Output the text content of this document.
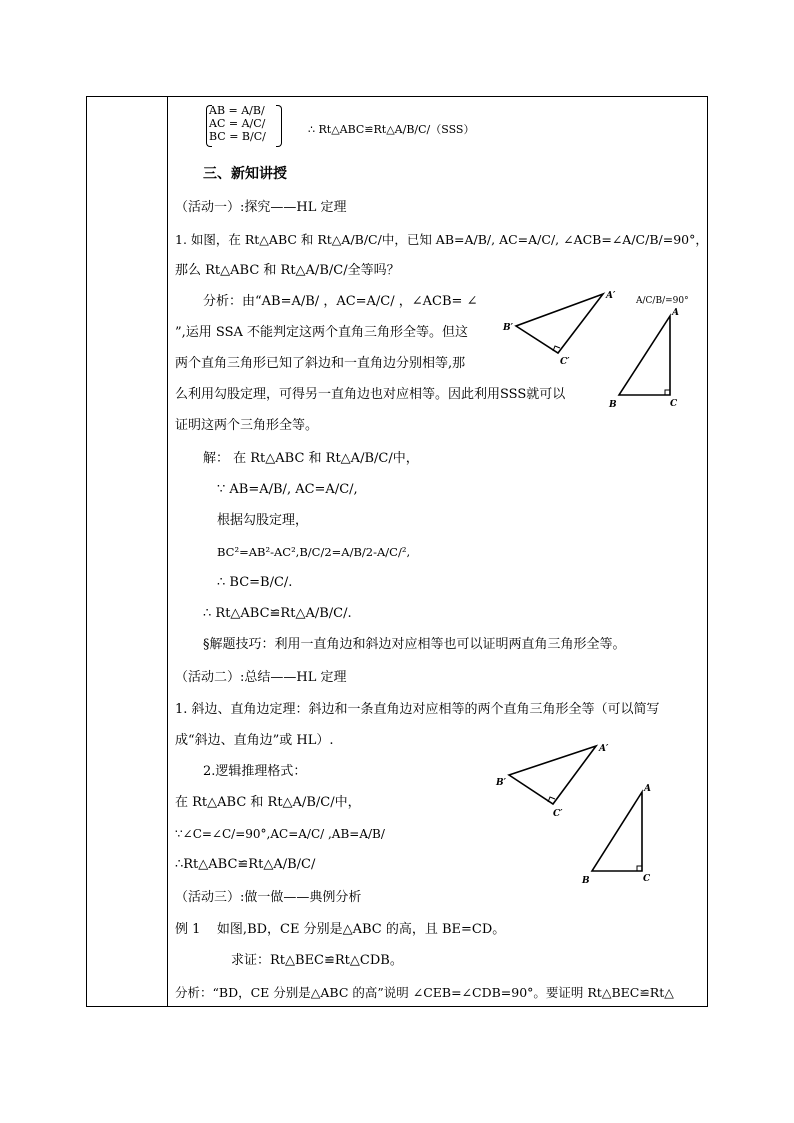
AB = A/B/
AC = A/C/
BC = B/C/
∴ Rt△ABC≌Rt△A/B/C/（SSS）
三、新知讲授
（活动一）:探究——HL 定理
1. 如图，在 Rt△ABC 和 Rt△A/B/C/中，已知 AB=A/B/, AC=A/C/, ∠ACB=∠A/C/B/=90°，
那么 Rt△ABC 和 Rt△A/B/C/全等吗？
分析：由“AB=A/B/ ，AC=A/C/ ，∠ACB= ∠	A/C/B/=90°
”,运用 SSA 不能判定这两个直角三角形全等。但这
两个直角三角形已知了斜边和一直角边分别相等,那
么利用勾股定理，可得另一直角边也对应相等。因此利用SSS就可以
证明这两个三角形全等。
A′
B′
C′
A
B	C
解： 在 Rt△ABC 和 Rt△A/B/C/中，
∵ AB=A/B/, AC=A/C/,
根据勾股定理，
BC²=AB²-AC²,B/C/2=A/B/2-A/C/²,
∴ BC=B/C/.
∴ Rt△ABC≌Rt△A/B/C/.
§解题技巧：利用一直角边和斜边对应相等也可以证明两直角三角形全等。
（活动二）:总结——HL 定理
1. 斜边、直角边定理：斜边和一条直角边对应相等的两个直角三角形全等（可以简写
成“斜边、直角边”或 HL）.
2.逻辑推理格式：
在 Rt△ABC 和 Rt△A/B/C/中，
∵∠C=∠C/=90°,AC=A/C/ ,AB=A/B/
∴Rt△ABC≌Rt△A/B/C/
A′
B′
C′
A
B	C
（活动三）:做一做——典例分析
例 1    如图,BD，CE 分别是△ABC 的高，且 BE=CD。
求证：Rt△BEC≌Rt△CDB。
分析：“BD，CE 分别是△ABC 的高”说明 ∠CEB=∠CDB=90°。要证明 Rt△BEC≌Rt△
